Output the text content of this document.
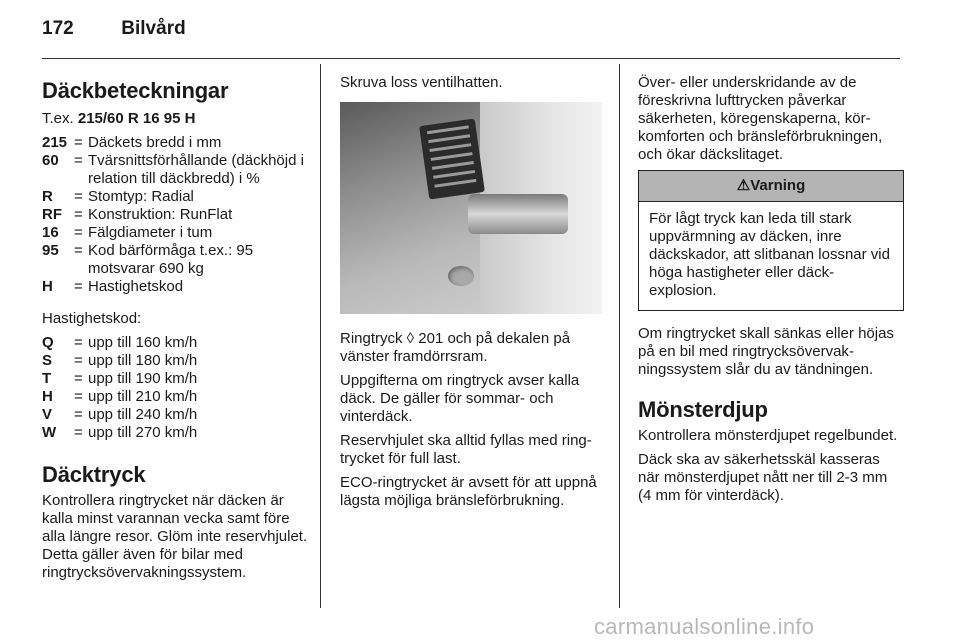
172	Bilvård
Däckbeteckningar

T.ex. 215/60 R 16 95 H

215 = Däckets bredd i mm
60	= Tvärsnittsförhållande (däckhöjd i relation till däckbredd) i %
R	= Stomtyp: Radial
RF = Konstruktion: RunFlat
16	= Fälgdiameter i tum
95	= Kod bärförmåga t.ex.: 95 motsvarar 690 kg
H	= Hastighetskod

Hastighetskod:

Q	= upp till 160 km/h
S	= upp till 180 km/h
T	= upp till 190 km/h
H	= upp till 210 km/h
V	= upp till 240 km/h
W	= upp till 270 km/h
Däcktryck

Kontrollera ringtrycket när däcken är kalla minst varannan vecka samt före alla längre resor. Glöm inte reservhjulet. Detta gäller även för bilar med ringtrycksövervakningssystem.

Skruva loss ventilhatten.

Ringtryck ◊ 201 och på dekalen på vänster framdörrsram.

Uppgifterna om ringtryck avser kalla däck. De gäller för sommar- och vinterdäck.

Reservhjulet ska alltid fyllas med ringtrycket för full last.

ECO-ringtrycket är avsett för att uppnå lägsta möjliga bränsleförbrukning.

Över- eller underskridande av de föreskrivna lufttrycken påverkar säkerheten, köregenskaperna, körkomforten och bränsleförbrukningen, och ökar däckslitaget.

⚠Varning
För lågt tryck kan leda till stark uppvärmning av däcken, inre däckskador, att slitbanan lossnar vid höga hastigheter eller däckexplosion.

Om ringtrycket skall sänkas eller höjas på en bil med ringtrycksövervakningssystem slår du av tändningen.

Mönsterdjup

Kontrollera mönsterdjupet regelbundet.

Däck ska av säkerhetsskäl kasseras när mönsterdjupet nått ner till 2-3 mm (4 mm för vinterdäck).

carmanualsonline.info
